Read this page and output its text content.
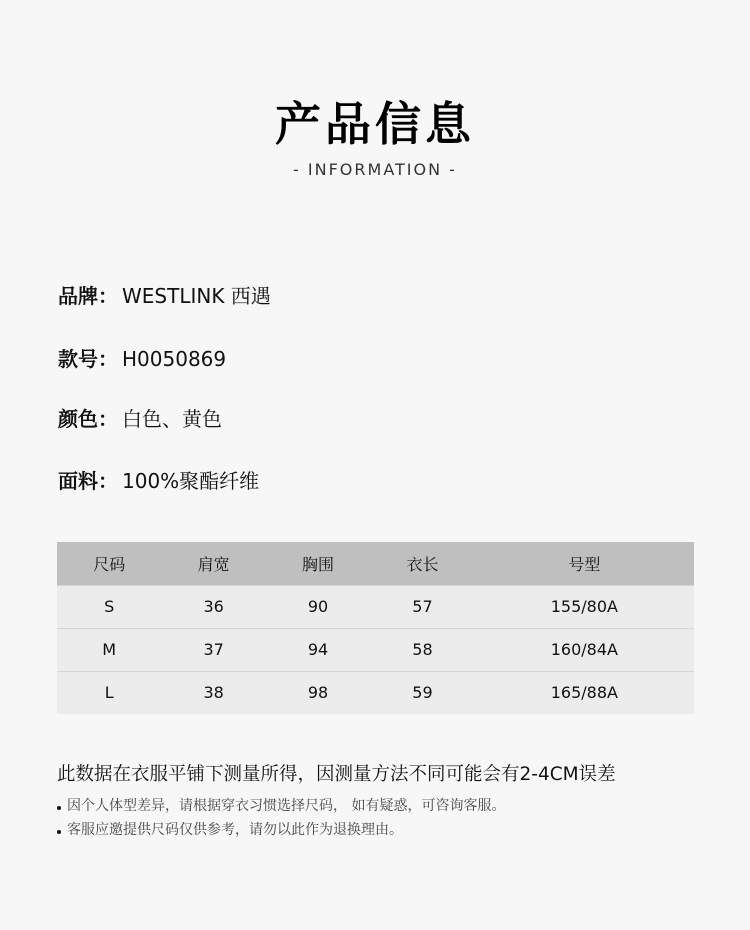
产品信息
- INFORMATION -
品牌： WESTLINK 西遇
款号： H0050869
颜色： 白色、黄色
面料： 100%聚酯纤维
尺码	肩宽	胸围	衣长	号型
S	36	90	57	155/80A
M	37	94	58	160/84A
L	38	98	59	165/88A
此数据在衣服平铺下测量所得，因测量方法不同可能会有2-4CM误差
因个人体型差异，请根据穿衣习惯选择尺码， 如有疑惑，可咨询客服。
客服应邀提供尺码仅供参考，请勿以此作为退换理由。
